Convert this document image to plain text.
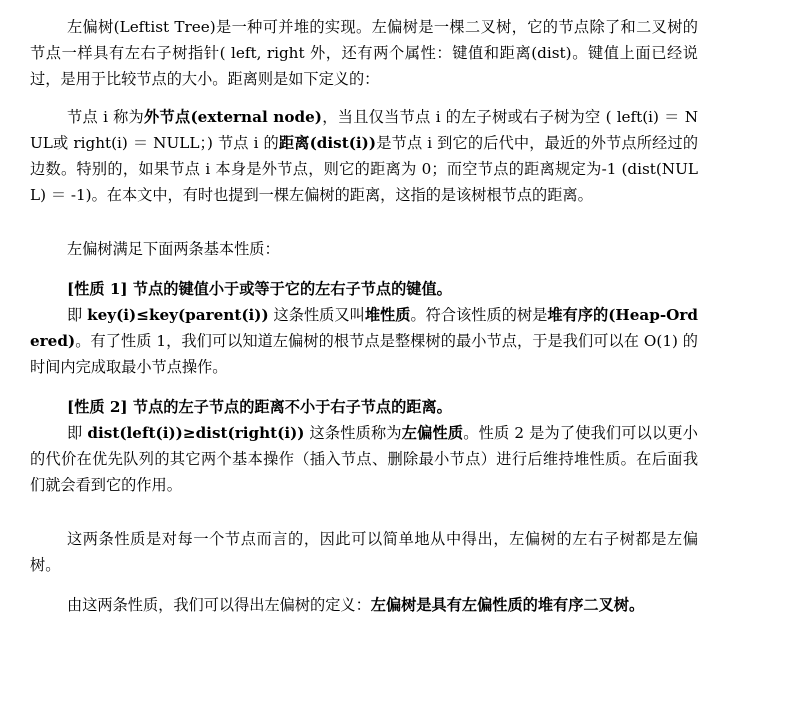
左偏树(Leftist Tree)是一种可并堆的实现。左偏树是一棵二叉树，它的节点除了和二叉树的节点一样具有左右子树指针( left, right 外，还有两个属性：键值和距离(dist)。键值上面已经说过，是用于比较节点的大小。距离则是如下定义的：

节点 i 称为外节点(external node)，当且仅当节点 i 的左子树或右子树为空 ( left(i) ＝ NUL或 right(i) ＝ NULL；) 节点 i 的距离(dist(i))是节点 i 到它的后代中，最近的外节点所经过的边数。特别的，如果节点 i 本身是外节点，则它的距离为 0；而空节点的距离规定为-1 (dist(NULL) ＝ -1)。在本文中，有时也提到一棵左偏树的距离，这指的是该树根节点的距离。

左偏树满足下面两条基本性质：

[性质 1] 节点的键值小于或等于它的左右子节点的键值。

即 key(i)≤key(parent(i)) 这条性质又叫堆性质。符合该性质的树是堆有序的(Heap-Ordered)。有了性质 1，我们可以知道左偏树的根节点是整棵树的最小节点，于是我们可以在 O(1) 的时间内完成取最小节点操作。

[性质 2] 节点的左子节点的距离不小于右子节点的距离。

即 dist(left(i))≥dist(right(i)) 这条性质称为左偏性质。性质 2 是为了使我们可以以更小的代价在优先队列的其它两个基本操作（插入节点、删除最小节点）进行后维持堆性质。在后面我们就会看到它的作用。

这两条性质是对每一个节点而言的，因此可以简单地从中得出，左偏树的左右子树都是左偏树。

由这两条性质，我们可以得出左偏树的定义：左偏树是具有左偏性质的堆有序二叉树。
